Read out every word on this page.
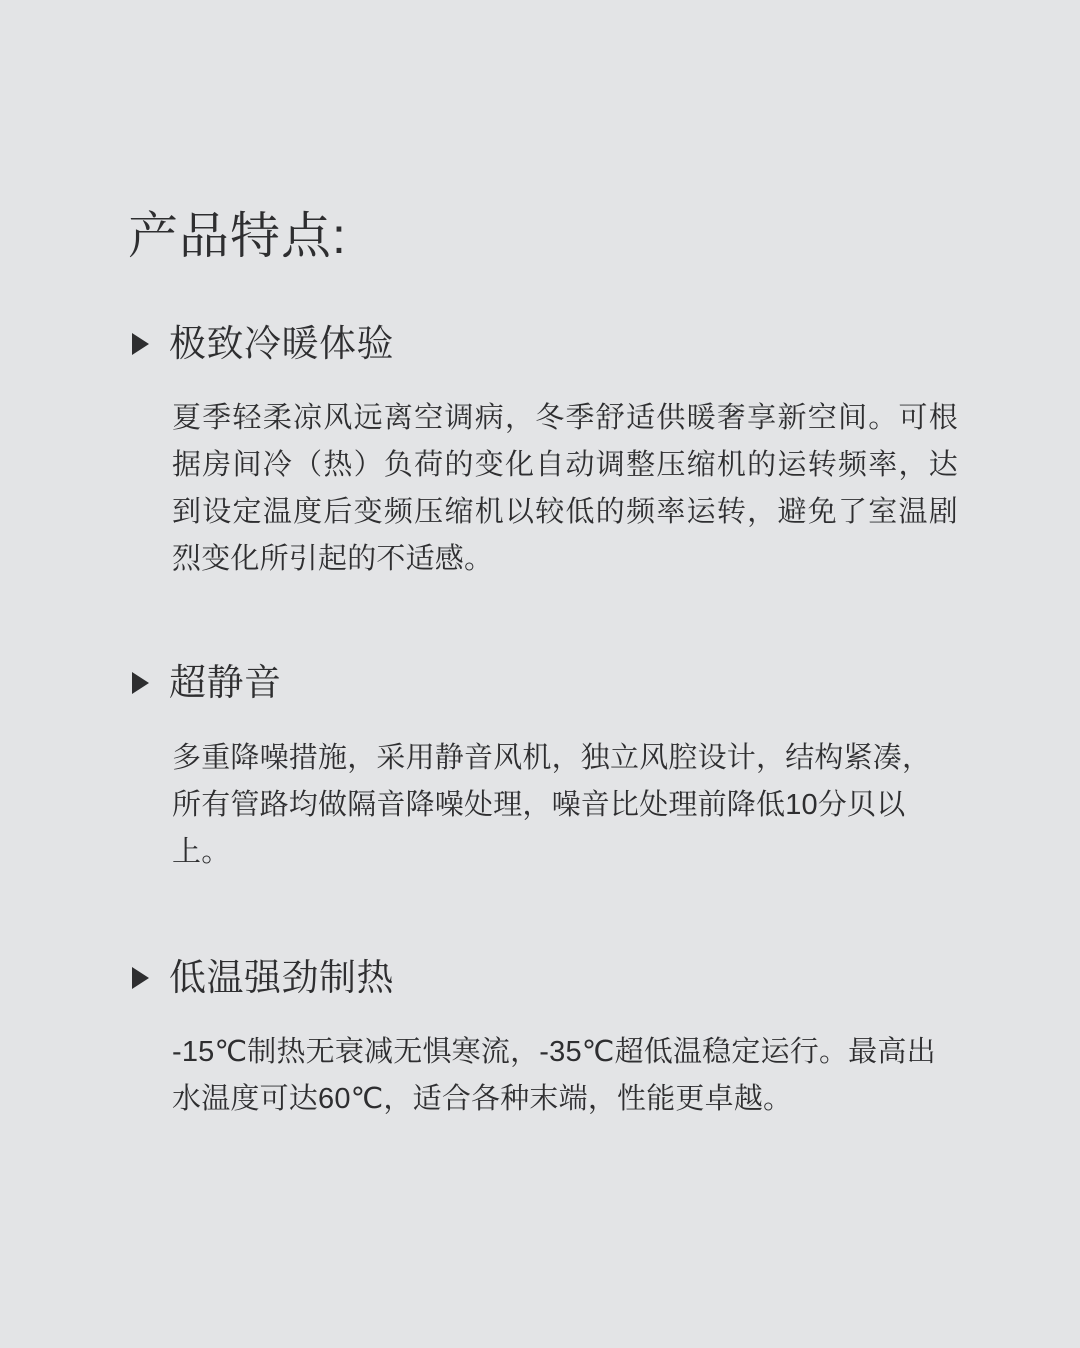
产品特点:
极致冷暖体验

夏季轻柔凉风远离空调病，冬季舒适供暖奢享新空间。可根据房间冷（热）负荷的变化自动调整压缩机的运转频率，达到设定温度后变频压缩机以较低的频率运转，避免了室温剧烈变化所引起的不适感。

超静音

多重降噪措施，采用静音风机，独立风腔设计，结构紧凑，所有管路均做隔音降噪处理，噪音比处理前降低10分贝以上。

低温强劲制热

-15℃制热无衰减无惧寒流，-35℃超低温稳定运行。最高出水温度可达60℃，适合各种末端，性能更卓越。
